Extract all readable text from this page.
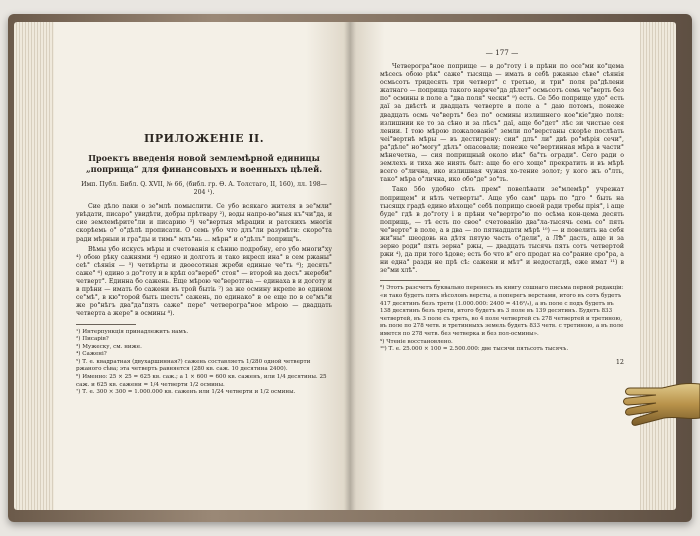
ПРИЛОЖЕНІЕ II.
Проектъ введенія новой землемѣрной единицы „поприща“ для финансовыхъ и военныхъ цѣлей.
Имп. Публ. Библ. Q. XVII, № 66, (библ. гр. Ѳ. А. Толстаго, II, 160), лл. 198—204 ¹).

Сие дѣло паки о зе°млѣ помыслити. Се убо всякаго жителя в зе°мли° увѣдати, писаро° увидѣти, добры прѣтвару ²), воды напро-во°ныя къ°чи°да, и сие землемѣрите°ли и писарию ³) че°вертыя мѣрации и ратскихъ многія скорѣемь о° o°дѣлѣ прописати. О семь убо что длъ°ли разумѣти: скоро°та ради мѣрныи и гра°ды и тимь° млъ°нь ... мѣрн° и о°дѣлъ° поприщ°ь.

Вѣмы убо искусъ мѣры и счетованія к сѣнию подробну, его убо многи°ху ⁴) обою рѣку сажнями ⁴) едино и долготь и тако вкресп ина° в сем ржаны° сеѣ° сѣянія — ⁵) четвѣрты и двоесотныя жреби единые че°ть ⁶); десять° саже° ⁶) едино з до°готу и в крѣп оз°вереб° стоя° — второй на десъ° жереби° четверт°. Единна бо сажень. Еще мѣрою че°веротгна — единаха в и доготу и в прѣни — имать бо сажени въ трой бытіь ⁷) за же осмину вкрепе во едином се°мѣ°, в кю°торой быть шесть° сажень, по единако° в ое еще по в се°мъ°и же ро°нѣгъ два°да°пять саже° пере° четверогра°ное мѣрою — двадцать четверта а жере° в осмины ⁸).

¹) Интерпункція принадлежитъ намъ.

²) Писарів?

³) Мужеску, см. ниже.

⁴) Сажені?

⁵) Т. е. квадратная (двухаршинная?) сажень составляетъ 1/280 одной четверти ржаного сѣва; эта четверть равняется (280 кв. саж. 10 десятина 2400).

⁶) Именно: 25 × 25 = 625 кв. саж.; а 1 × 600 = 600 кв. саженъ, или 1/4 десятины. 25 саж. и 625 кв. сажени = 1/4 четверти 1/2 осмины.

⁷) Т. е. 300 × 300 = 1.000.000 кв. саженъ или 1/24 четверти и 1/2 осмины.

— 177 —

Четверогра°ное поприще — в до°готу i в прѣни по осе°ми ко°цема мѣсесь обою рѣк° саже° тысяща — имать в себѣ ржаные сѣве° сѣянія осмьсотъ тридесять три четверт° с третью, и три° поля ра°дѣлени жатнаго — поприща такого наряче°да дѣлет° осмьсотъ семь че°верть без по° осмины в поле а °два поля° чески° ⁹) есть. Се 5бо поприще удо° есть даї за двѣстѣ и двадцать четверте в поле а ° даю потомъ, понеже двадцать осмь че°верть° без по° осмины излишнего кое°кіе°дно поля: излишнии ке то за сѣно и за лѣсъ° даї, аще бо°дет° лѣс зи чистые сея лении. І тою мѣрою пожалованіе° земли по°верстаны скорѣе послѣать чеі°вертнѣ мѣры — въ дестигрену: сии° длъ° ли° двѣ ро°мѣрія сечи°, ра°дѣле° но°могу° дѣлъ° опасовали; понеже че°вертинная мѣра в части° мѣнечетна, — сия поприщный около вѣк° ба°ть огради°. Сего ради о землехъ и тиха же ниять быт: ащe бо его хоще° прекратить и въ мѣрѣ всего о°лична, ико излишная чужая хо-тение золот; у кого жъ о°лть, тако° мѣра о°лична, ико обо°де° зо°ть.

Тако 5бо удобно сѣть прем° повелѣвати зе°млемѣр° учрежат поприщем° и нѣть четверты°. Аще убо сам° царь по °дго ° быть на тысящх градѣ едино вѣхоще° себѣ поприщо своей ради требы прія°, і аще буде° гдѣ в до°готу i в прѣни че°вертро°ю по осѣма кон-цема десять поприщь, — тѣ есть по свое° счетованію два°ла-тысячь семь со° пять че°верте° в поле, а в два — по пятнадцати мѣрѣ ¹⁰) — и повелить на себя жи°ны° шеодовь на дѣтя пятую часть о°дели°, а ЛѢ° дасть, аще и за зерно роди° пять зерна° ржы, — двадцать тысячь пять сотъ четвертой ржи ⁴), да при того ѣдове; есть бо что в° его продат на со°рание сро°ра, а ни една° раздн не прѣ сѣ: сажени и мѣт° и недостагдѣ, еже имат ¹¹) в зе°ми хлѣ°.

⁸) Этотъ разсчетъ буквально перенесъ въ книгу сошнаго письма первой редакціи: «и тако будетъ пять вѣсоловъ версты, а поперегъ верстами, итого въ сотъ будетъ 417 десятинъ безъ трети (1.000.000: 2400 = 416²/₃), а въ поле с подъ будетъ въ 138 десятинъ безъ трети, итого будетъ въ 3 поле въ 139 десятинъ. Будетъ 833 четвертей, въ 3 поле съ треть, во 4 поле четвертей съ 278 четвертей и третиною, въ поле по 278 четв. и третинныхъ земель будетъ 833 четв. с третиною, а въ поле имется по 278 четв. без четверка и без пол-осмины».

⁹) Чтеніе восстановлено.

¹⁰) Т. е. 25.000 × 100 = 2.500.000: две тысячи пятьсотъ тысячъ.

12
